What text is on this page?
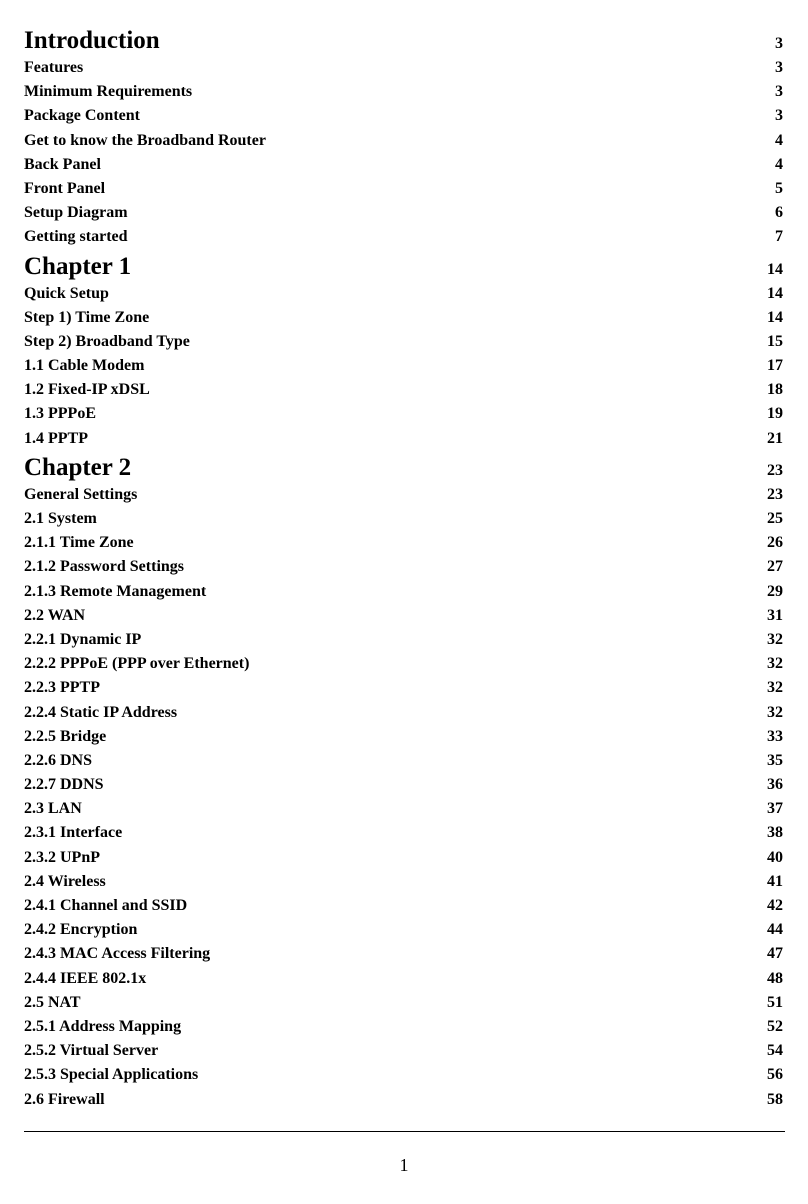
Introduction	3
Features	3
Minimum Requirements	3
Package Content	3
Get to know the Broadband Router	4
Back Panel	4
Front Panel	5
Setup Diagram	6
Getting started	7
Chapter 1	14
Quick Setup	14
Step 1) Time Zone	14
Step 2) Broadband Type	15
1.1 Cable Modem	17
1.2 Fixed-IP xDSL	18
1.3 PPPoE	19
1.4 PPTP	21
Chapter 2	23
General Settings	23
2.1 System	25
2.1.1 Time Zone	26
2.1.2 Password Settings	27
2.1.3 Remote Management	29
2.2 WAN	31
2.2.1 Dynamic IP	32
2.2.2 PPPoE (PPP over Ethernet)	32
2.2.3 PPTP	32
2.2.4 Static IP Address	32
2.2.5 Bridge	33
2.2.6 DNS	35
2.2.7 DDNS	36
2.3 LAN	37
2.3.1 Interface	38
2.3.2 UPnP	40
2.4 Wireless	41
2.4.1 Channel and SSID	42
2.4.2 Encryption	44
2.4.3 MAC Access Filtering	47
2.4.4 IEEE 802.1x	48
2.5 NAT	51
2.5.1 Address Mapping	52
2.5.2 Virtual Server	54
2.5.3 Special Applications	56
2.6 Firewall	58
1
